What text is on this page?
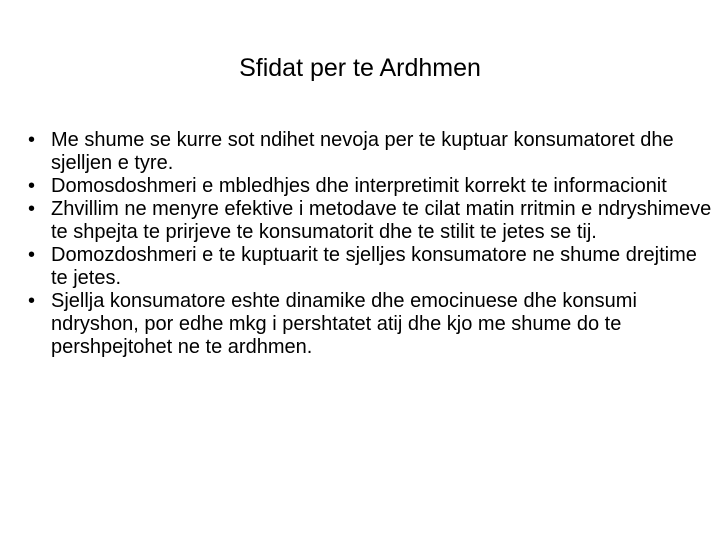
Sfidat per te Ardhmen
• Me shume se kurre sot ndihet nevoja per te kuptuar konsumatoret dhe sjelljen e tyre.
• Domosdoshmeri e mbledhjes dhe interpretimit korrekt te informacionit
• Zhvillim ne menyre efektive i metodave te cilat matin rritmin e ndryshimeve te shpejta te prirjeve te konsumatorit dhe te stilit te jetes se tij.
• Domozdoshmeri e te kuptuarit te sjelljes konsumatore ne shume drejtime te jetes.
• Sjellja konsumatore eshte dinamike dhe emocinuese dhe konsumi ndryshon, por edhe mkg i pershtatet atij dhe kjo me shume do te pershpejtohet ne te ardhmen.
